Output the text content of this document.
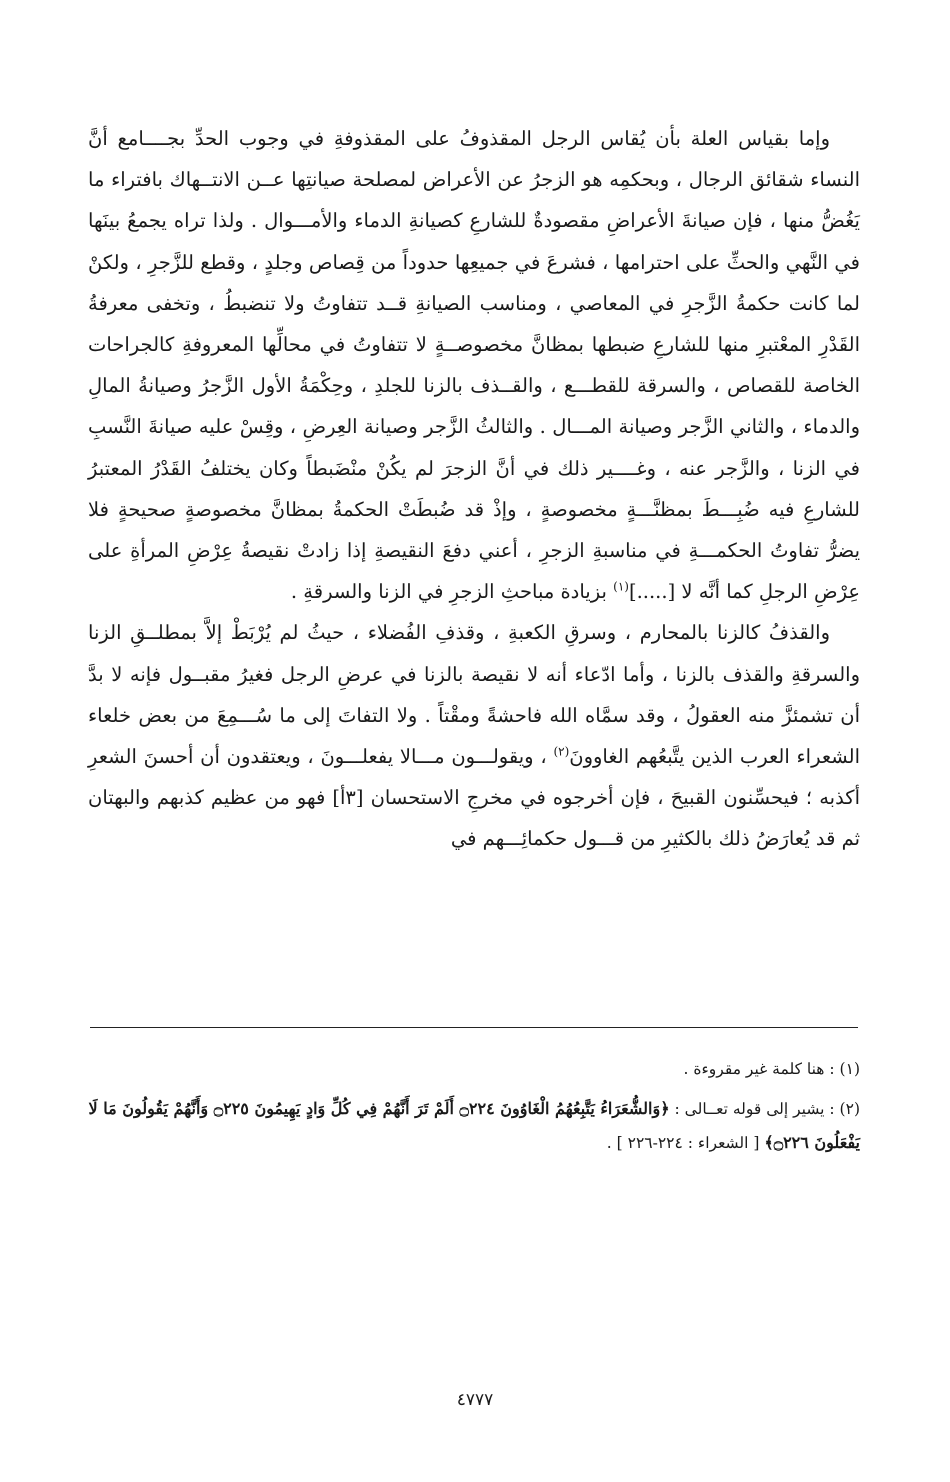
وإما بقياس العلة بأن يُقاس الرجل المقذوفُ على المقذوفةِ في وجوب الحدِّ بجــــامع أنَّ النساء شقائق الرجال ، وبحكمِه هو الزجرُ عن الأعراض لمصلحة صيانتِها عــن الانتــهاك بافتراء ما يَغُضُّ منها ، فإن صيانةَ الأعراضِ مقصودةٌ للشارعِ كصيانةِ الدماء والأمـــوال . ولذا تراه يجمعُ بينَها في النَّهي والحثِّ على احترامها ، فشرعَ في جميعِها حدوداً من قِصاص وجلدٍ ، وقطع للزَّجرِ ، ولكنْ لما كانت حكمةُ الزَّجرِ في المعاصي ، ومناسب الصيانةِ قــد تتفاوتُ ولا تنضبطُ ، وتخفى معرفةُ القَدْرِ المعْتبرِ منها للشارعِ ضبطها بمظانَّ مخصوصــةٍ لا تتفاوتُ في محالِّها المعروفةِ كالجراحات الخاصة للقصاص ، والسرقة للقطـــع ، والقــذف بالزنا للجلدِ ، وحِكْمَةُ الأول الزَّجرُ وصيانةُ المالِ والدماء ، والثاني الزَّجر وصيانة المـــال . والثالثُ الزَّجر وصيانة العِرضِ ، وقِسْ عليه صيانةَ النَّسبِ في الزنا ، والزَّجر عنه ، وغــــير ذلك في أنَّ الزجرَ لم يكُنْ منْضَبطاً وكان يختلفُ القَدْرُ المعتبرُ للشارعِ فيه ضُبِـــطَ بمظنَّـــةٍ مخصوصةٍ ، وإذْ قد ضُبطَتْ الحكمةُ بمظانَّ مخصوصةٍ صحيحةٍ فلا يضرُّ تفاوتُ الحكمـــةِ في مناسبةِ الزجرِ ، أعني دفعَ النقيصةِ إذا زادتْ نقيصةُ عِرْضِ المرأةِ على عِرْضِ الرجلِ كما أنَّه لا [.....]$^{(١)}$ بزيادة مباحثِ الزجرِ في الزنا والسرقةِ .

والقذفُ كالزنا بالمحارم ، وسرقِ الكعبةِ ، وقذفِ الفُضلاء ، حيثُ لم يُرْبَطْ إلاَّ بمطلــقِ الزنا والسرقةِ والقذف بالزنا ، وأما ادّعاء أنه لا نقيصة بالزنا في عرضِ الرجل فغيرُ مقبــول فإنه لا بدَّ أن تشمئزَّ منه العقولُ ، وقد سمَّاه الله فاحشةً ومقْتاً . ولا التفاتَ إلى ما سُـــمِعَ من بعض خلعاء الشعراء العرب الذين يتَّبعُهم الغاوونَ$^{(٢)}$ ، ويقولـــون مـــالا يفعلـــونَ ، ويعتقدون أن أحسنَ الشعرِ أكذبه ؛ فيحسِّنون القبيحَ ، فإن أخرجوه في مخرجِ الاستحسان [٣أ] فهو من عظيم كذبهم والبهتان ثم قد يُعارَضُ ذلك بالكثيرِ من قـــول حكمائِـــهم في

(١) : هنا كلمة غير مقروءة .

(٢) : يشير إلى قوله تعــالى : ﴿وَالشُّعَرَاءُ يَتَّبِعُهُمُ الْغَاوُونَ ۝٢٢٤ أَلَمْ تَرَ أَنَّهُمْ فِي كُلِّ وَادٍ يَهِيمُونَ ۝٢٢٥ وَأَنَّهُمْ يَقُولُونَ مَا لَا يَفْعَلُونَ ۝٢٢٦﴾ [ الشعراء : ٢٢٤-٢٢٦ ] .

٤٧٧٧
